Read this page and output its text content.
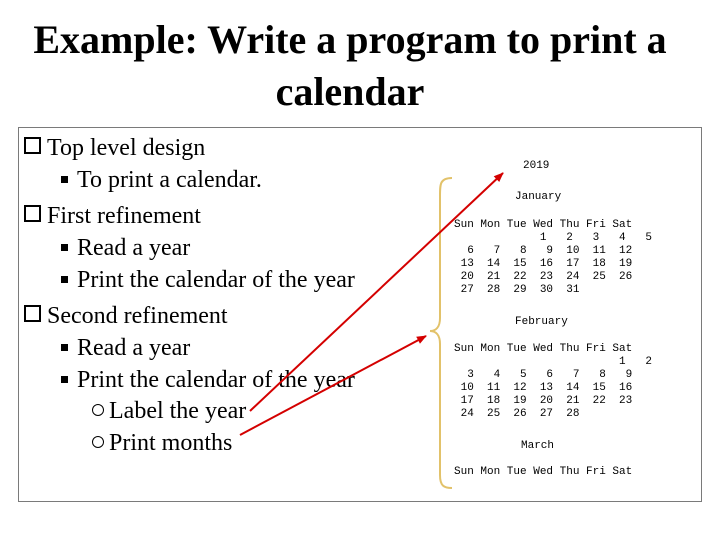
Example: Write a program to print a
calendar
Top level design
To print a calendar.
First refinement
Read a year
Print the calendar of the year
Second refinement
Read a year
Print the calendar of the year
Label the year
Print months

2019

January

Sun Mon Tue Wed Thu Fri Sat

1   2   3   4   5

6   7   8   9  10  11  12

13  14  15  16  17  18  19

20  21  22  23  24  25  26

27  28  29  30  31

February

Sun Mon Tue Wed Thu Fri Sat

1   2

3   4   5   6   7   8   9

10  11  12  13  14  15  16

17  18  19  20  21  22  23

24  25  26  27  28

March

Sun Mon Tue Wed Thu Fri Sat
